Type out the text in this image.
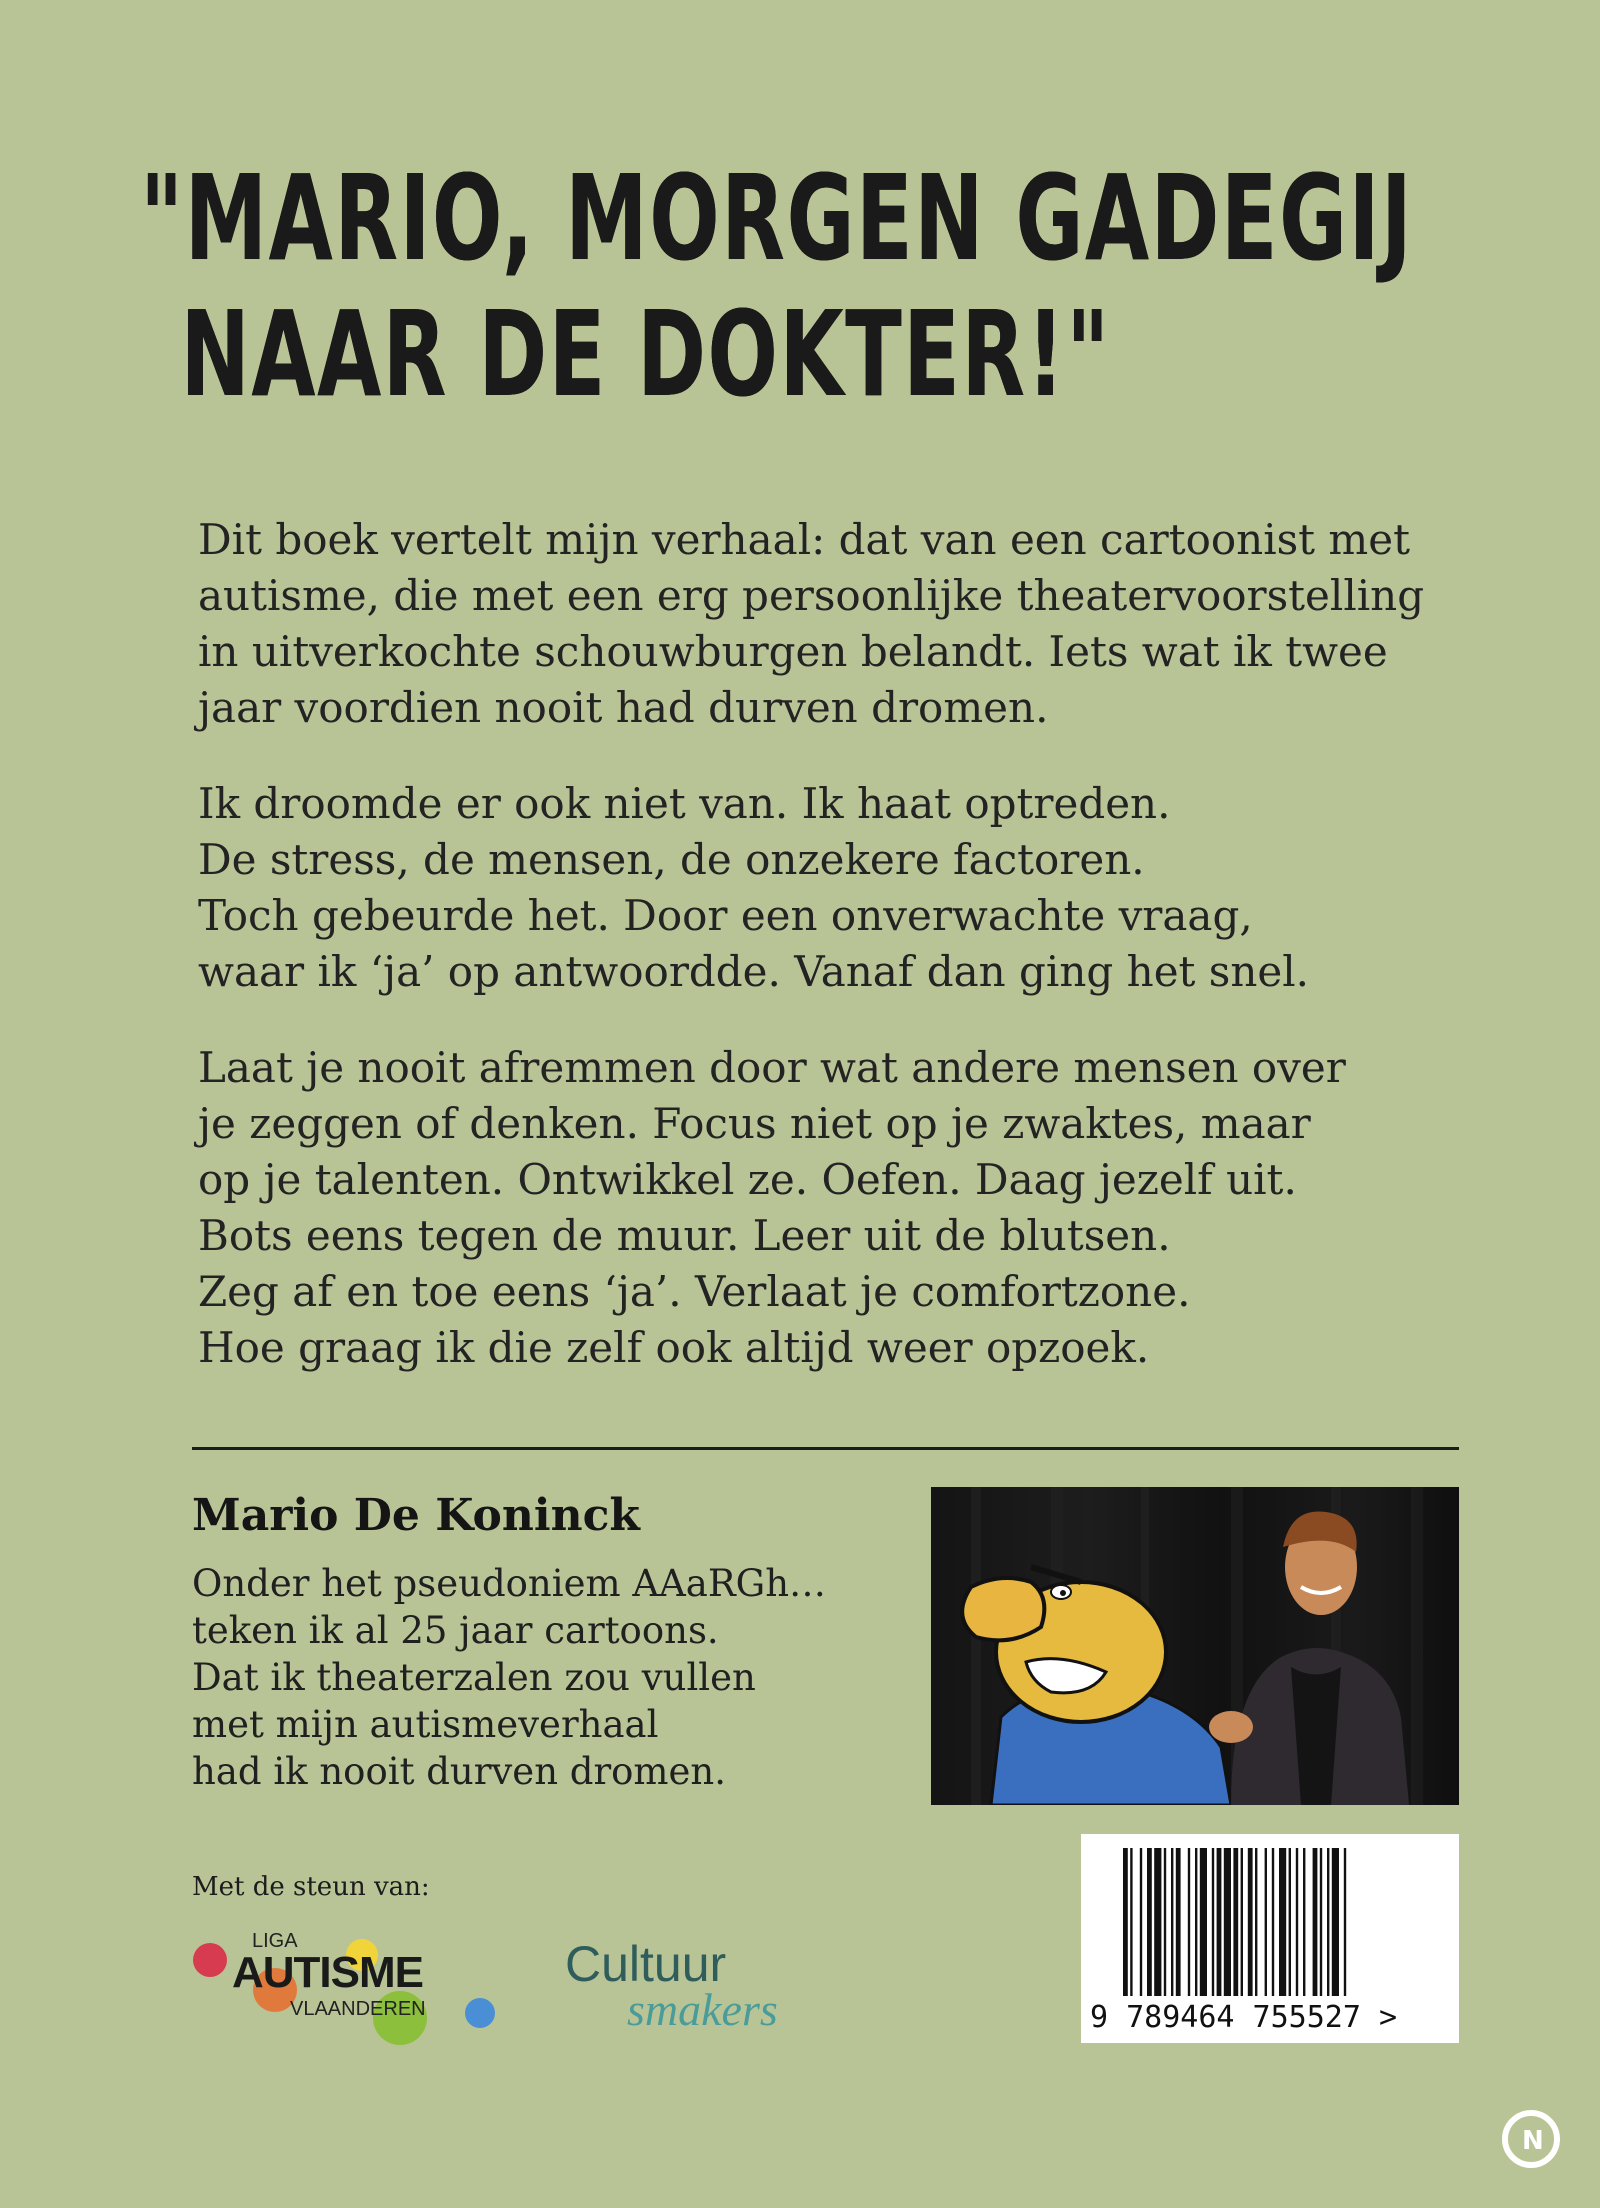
"MARIO, MORGEN GADEGIJ
NAAR DE DOKTER!"

Dit boek vertelt mijn verhaal: dat van een cartoonist met
autisme, die met een erg persoonlijke theatervoorstelling
in uitverkochte schouwburgen belandt. Iets wat ik twee
jaar voordien nooit had durven dromen.

Ik droomde er ook niet van. Ik haat optreden.
De stress, de mensen, de onzekere factoren.
Toch gebeurde het. Door een onverwachte vraag,
waar ik ‘ja’ op antwoordde. Vanaf dan ging het snel.

Laat je nooit afremmen door wat andere mensen over
je zeggen of denken. Focus niet op je zwaktes, maar
op je talenten. Ontwikkel ze. Oefen. Daag jezelf uit.
Bots eens tegen de muur. Leer uit de blutsen.
Zeg af en toe eens ‘ja’. Verlaat je comfortzone.
Hoe graag ik die zelf ook altijd weer opzoek.

Mario De Koninck
Onder het pseudoniem AAaRGh…
teken ik al 25 jaar cartoons.
Dat ik theaterzalen zou vullen
met mijn autismeverhaal
had ik nooit durven dromen.
Met de steun van:
LIGA
AUTISME
VLAANDEREN
Cultuur
smakers	9 789464 755527 >
N
